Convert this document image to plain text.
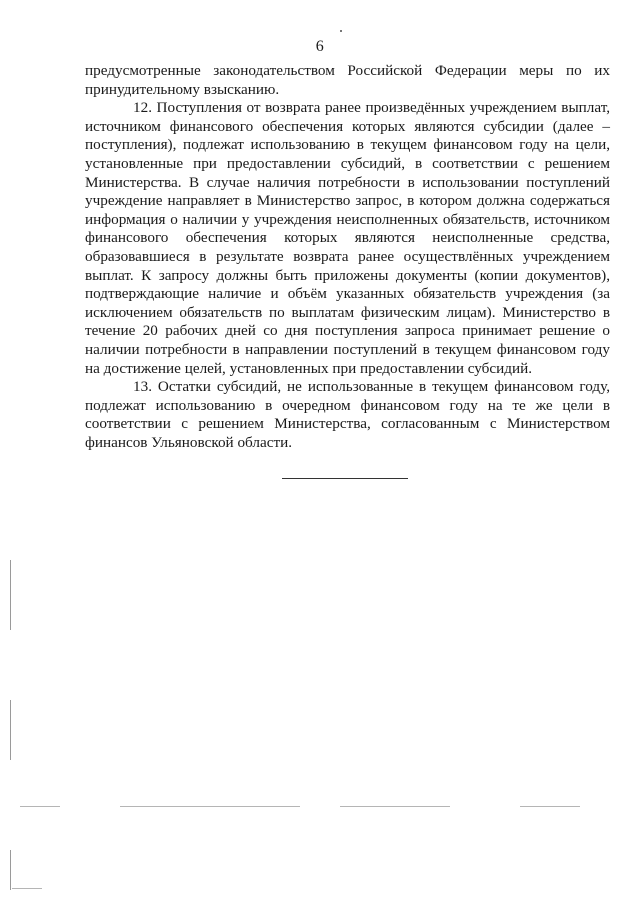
6

предусмотренные законодательством Российской Федерации меры по их принудительному взысканию.

12. Поступления от возврата ранее произведённых учреждением выплат, источником финансового обеспечения которых являются субсидии (далее – поступления), подлежат использованию в текущем финансовом году на цели, установленные при предоставлении субсидий, в соответствии с решением Министерства. В случае наличия потребности в использовании поступлений учреждение направляет в Министерство запрос, в котором должна содержаться информация о наличии у учреждения неисполненных обязательств, источником финансового обеспечения которых являются неисполненные средства, образовавшиеся в результате возврата ранее осуществлённых учреждением выплат. К запросу должны быть приложены документы (копии документов), подтверждающие наличие и объём указанных обязательств учреждения (за исключением обязательств по выплатам физическим лицам). Министерство в течение 20 рабочих дней со дня поступления запроса принимает решение о наличии потребности в направлении поступлений в текущем финансовом году на достижение целей, установленных при предоставлении субсидий.

13. Остатки субсидий, не использованные в текущем финансовом году, подлежат использованию в очередном финансовом году на те же цели в соответствии с решением Министерства, согласованным с Министерством финансов Ульяновской области.
